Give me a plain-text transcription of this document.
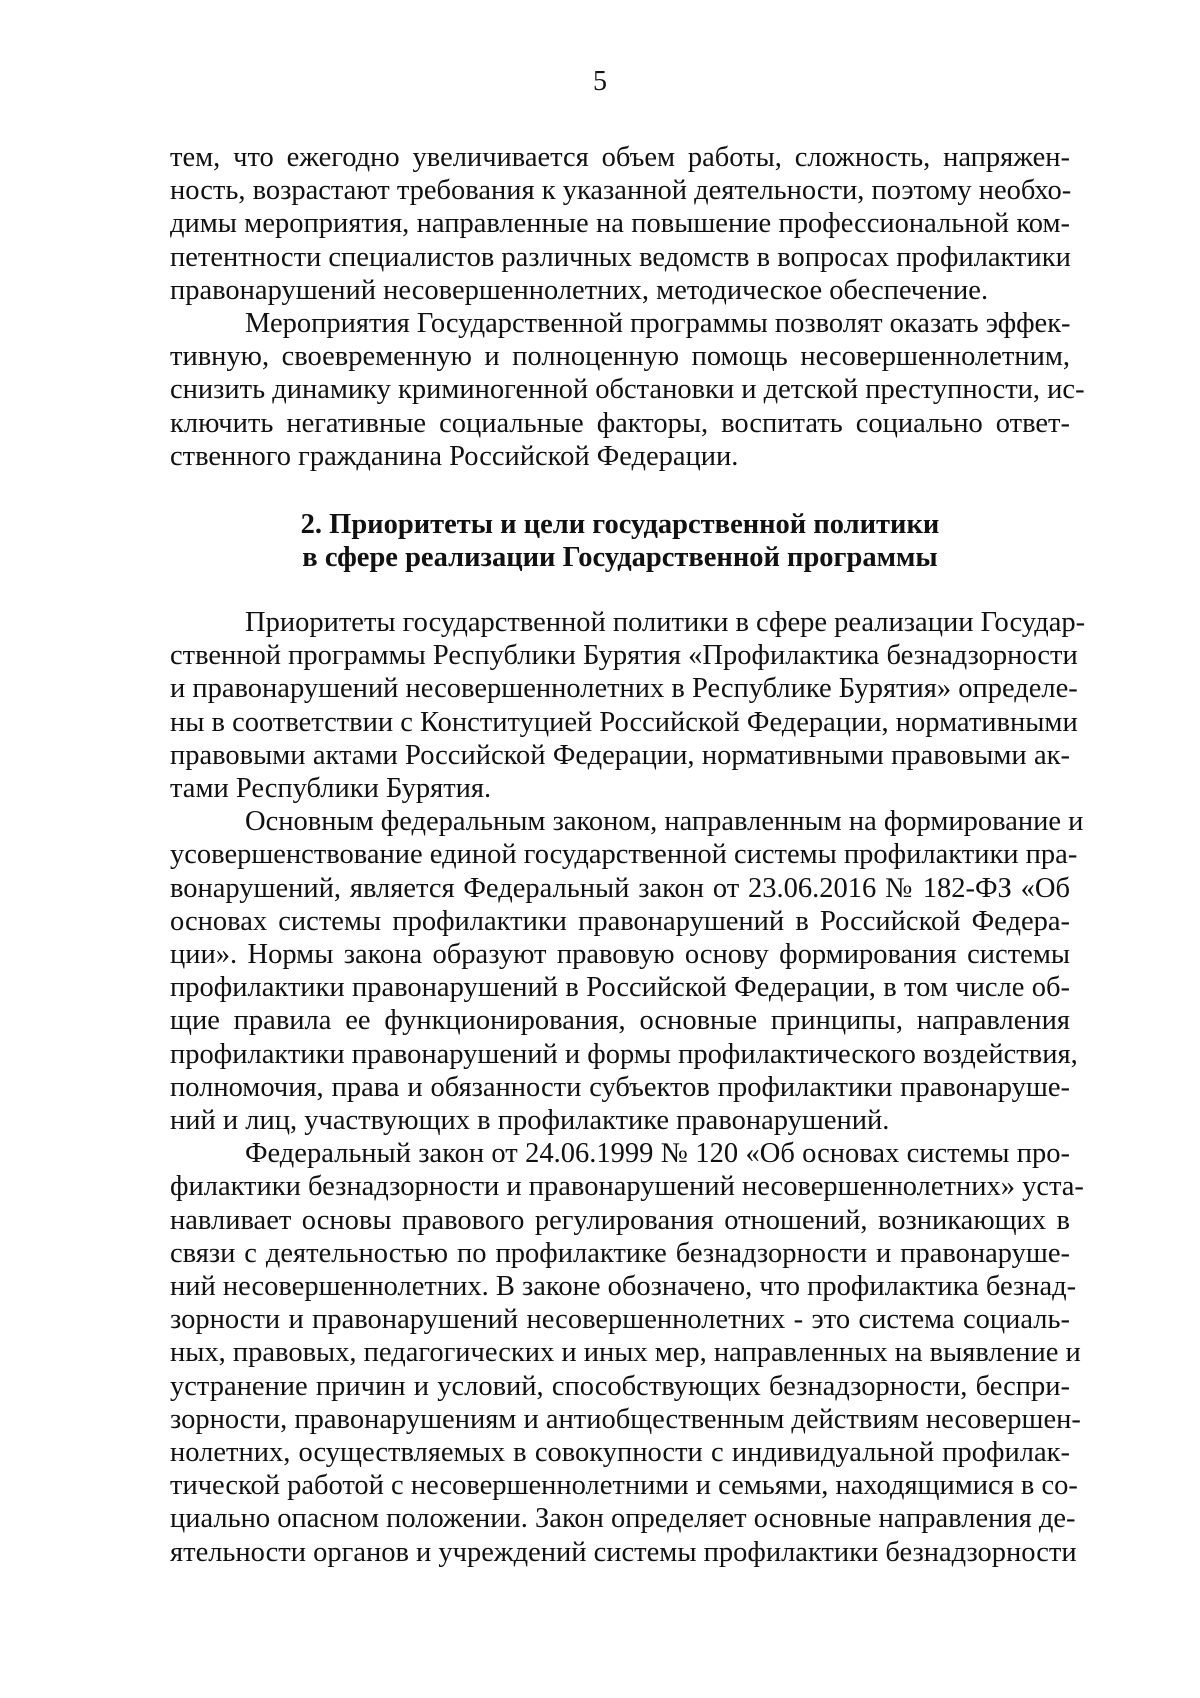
5

тем, что ежегодно увеличивается объем работы, сложность, напряжен-
ность, возрастают требования к указанной деятельности, поэтому необхо-
димы мероприятия, направленные на повышение профессиональной ком-
петентности специалистов различных ведомств в вопросах профилактики
правонарушений несовершеннолетних, методическое обеспечение.

Мероприятия Государственной программы позволят оказать эффек-
тивную, своевременную и полноценную помощь несовершеннолетним,
снизить динамику криминогенной обстановки и детской преступности, ис-
ключить негативные социальные факторы, воспитать социально ответ-
ственного гражданина Российской Федерации.

2. Приоритеты и цели государственной политики
в сфере реализации Государственной программы

Приоритеты государственной политики в сфере реализации Государ-
ственной программы Республики Бурятия «Профилактика безнадзорности
и правонарушений несовершеннолетних в Республике Бурятия» определе-
ны в соответствии с Конституцией Российской Федерации, нормативными
правовыми актами Российской Федерации, нормативными правовыми ак-
тами Республики Бурятия.

Основным федеральным законом, направленным на формирование и
усовершенствование единой государственной системы профилактики пра-
вонарушений, является Федеральный закон от 23.06.2016 № 182-ФЗ «Об
основах системы профилактики правонарушений в Российской Федера-
ции». Нормы закона образуют правовую основу формирования системы
профилактики правонарушений в Российской Федерации, в том числе об-
щие правила ее функционирования, основные принципы, направления
профилактики правонарушений и формы профилактического воздействия,
полномочия, права и обязанности субъектов профилактики правонаруше-
ний и лиц, участвующих в профилактике правонарушений.

Федеральный закон от 24.06.1999 № 120 «Об основах системы про-
филактики безнадзорности и правонарушений несовершеннолетних» уста-
навливает основы правового регулирования отношений, возникающих в
связи с деятельностью по профилактике безнадзорности и правонаруше-
ний несовершеннолетних. В законе обозначено, что профилактика безнад-
зорности и правонарушений несовершеннолетних - это система социаль-
ных, правовых, педагогических и иных мер, направленных на выявление и
устранение причин и условий, способствующих безнадзорности, беспри-
зорности, правонарушениям и антиобщественным действиям несовершен-
нолетних, осуществляемых в совокупности с индивидуальной профилак-
тической работой с несовершеннолетними и семьями, находящимися в со-
циально опасном положении. Закон определяет основные направления де-
ятельности органов и учреждений системы профилактики безнадзорности
